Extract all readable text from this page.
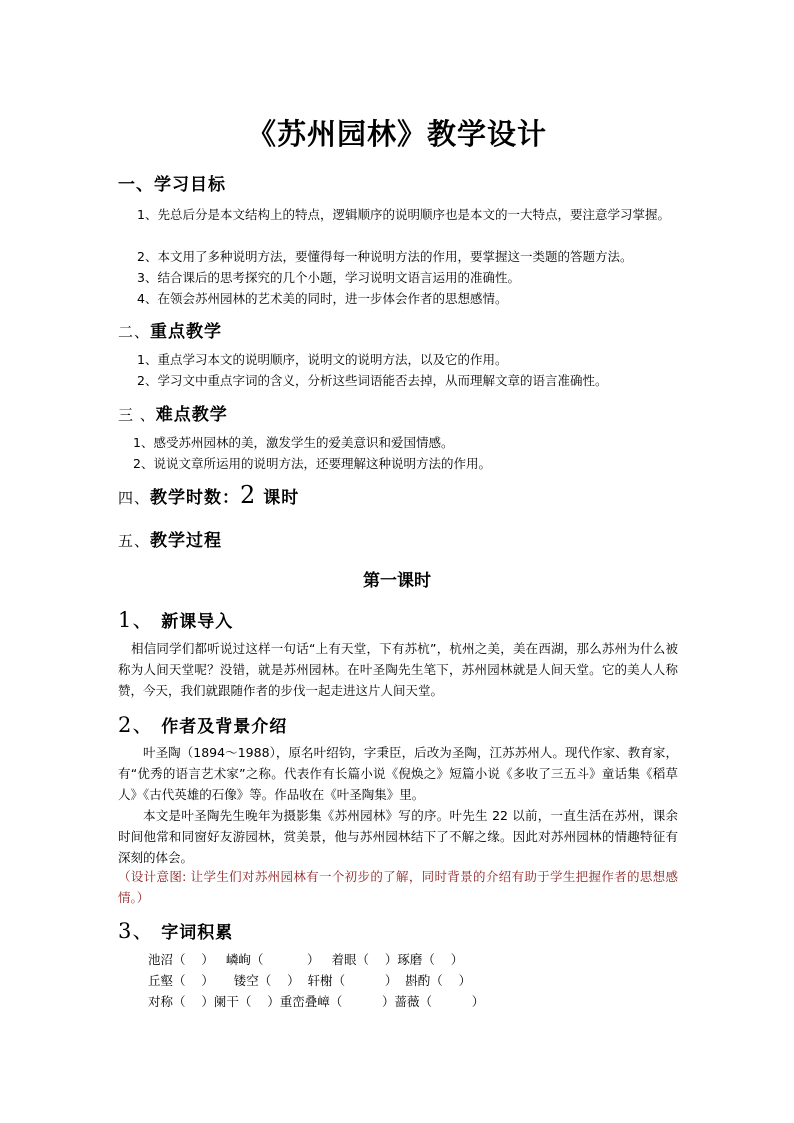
《苏州园林》教学设计
一、学习目标
1、先总后分是本文结构上的特点，逻辑顺序的说明顺序也是本文的一大特点，要注意学习掌握。
2、本文用了多种说明方法，要懂得每一种说明方法的作用，要掌握这一类题的答题方法。
3、结合课后的思考探究的几个小题，学习说明文语言运用的准确性。
4、在领会苏州园林的艺术美的同时，进一步体会作者的思想感情。
二、重点教学
1、重点学习本文的说明顺序，说明文的说明方法，以及它的作用。
2、学习文中重点字词的含义，分析这些词语能否去掉，从而理解文章的语言准确性。
三 、难点教学
1、感受苏州园林的美，激发学生的爱美意识和爱国情感。
2、说说文章所运用的说明方法，还要理解这种说明方法的作用。
四、教学时数：2 课时
五、教学过程
第一课时
1、 新课导入
相信同学们都听说过这样一句话“上有天堂，下有苏杭”，杭州之美，美在西湖，那么苏州为什么被称为人间天堂呢？没错，就是苏州园林。在叶圣陶先生笔下，苏州园林就是人间天堂。它的美人人称赞，今天，我们就跟随作者的步伐一起走进这片人间天堂。
2、 作者及背景介绍
叶圣陶（1894～1988），原名叶绍钧，字秉臣，后改为圣陶，江苏苏州人。现代作家、教育家，有“优秀的语言艺术家”之称。代表作有长篇小说《倪焕之》短篇小说《多收了三五斗》童话集《稻草人》《古代英雄的石像》等。作品收在《叶圣陶集》里。
本文是叶圣陶先生晚年为摄影集《苏州园林》写的序。叶先生 22 以前，一直生活在苏州，课余时间他常和同窗好友游园林，赏美景，他与苏州园林结下了不解之缘。因此对苏州园林的情趣特征有深刻的体会。
（设计意图: 让学生们对苏州园林有一个初步的了解，同时背景的介绍有助于学生把握作者的思想感情。）
3、 字词积累
池沼（    ）   嶙峋（           ）   着眼（    ）琢磨（    ）
丘壑（    ）     镂空（    ）  轩榭（          ）  斟酌（    ）
对称（    ）阑干（    ）重峦叠嶂（          ）蔷薇（          ）
